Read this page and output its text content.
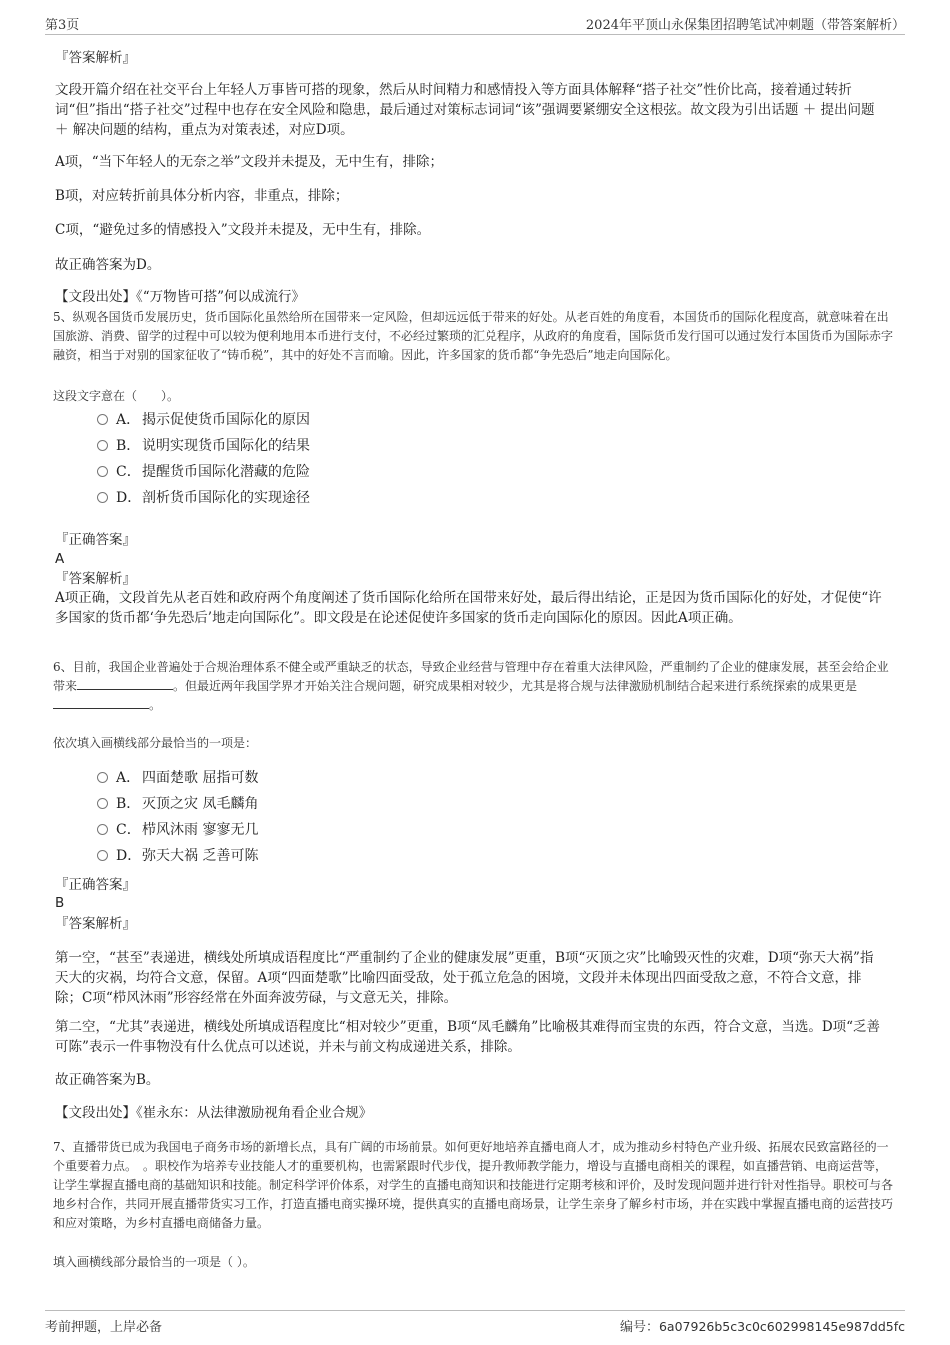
第3页	2024年平顶山永保集团招聘笔试冲刺题（带答案解析）
『答案解析』
文段开篇介绍在社交平台上年轻人万事皆可搭的现象，然后从时间精力和感情投入等方面具体解释“搭子社交”性价比高，接着通过转折词“但”指出“搭子社交”过程中也存在安全风险和隐患，最后通过对策标志词词“该”强调要紧绷安全这根弦。故文段为引出话题 ＋ 提出问题 ＋ 解决问题的结构，重点为对策表述，对应D项。
A项，“当下年轻人的无奈之举”文段并未提及，无中生有，排除；
B项，对应转折前具体分析内容，非重点，排除；
C项，“避免过多的情感投入”文段并未提及，无中生有，排除。
故正确答案为D。
【文段出处】《“万物皆可搭”何以成流行》
5、纵观各国货币发展历史，货币国际化虽然给所在国带来一定风险，但却远远低于带来的好处。从老百姓的角度看，本国货币的国际化程度高，就意味着在出国旅游、消费、留学的过程中可以较为便利地用本币进行支付，不必经过繁琐的汇兑程序，从政府的角度看，国际货币发行国可以通过发行本国货币为国际赤字融资，相当于对别的国家征收了“铸币税”，其中的好处不言而喻。因此，许多国家的货币都“争先恐后”地走向国际化。
这段文字意在（　　）。
A． 揭示促使货币国际化的原因
B． 说明实现货币国际化的结果
C．提醒货币国际化潜藏的危险
D．剖析货币国际化的实现途径
『正确答案』
A
『答案解析』
A项正确，文段首先从老百姓和政府两个角度阐述了货币国际化给所在国带来好处，最后得出结论，正是因为货币国际化的好处，才促使“许多国家的货币都‘争先恐后’地走向国际化”。即文段是在论述促使许多国家的货币走向国际化的原因。因此A项正确。
6、目前，我国企业普遍处于合规治理体系不健全或严重缺乏的状态，导致企业经营与管理中存在着重大法律风险，严重制约了企业的健康发展，甚至会给企业带来	。但最近两年我国学界才开始关注合规问题，研究成果相对较少，尤其是将合规与法律激励机制结合起来进行系统探索的成果更是。
依次填入画横线部分最恰当的一项是：
A． 四面楚歌 屈指可数
B． 灭顶之灾 凤毛麟角
C．栉风沐雨 寥寥无几
D．弥天大祸 乏善可陈
『正确答案』
B
『答案解析』
第一空，“甚至”表递进，横线处所填成语程度比“严重制约了企业的健康发展”更重，B项“灭顶之灾”比喻毁灭性的灾难，D项“弥天大祸”指天大的灾祸，均符合文意，保留。A项“四面楚歌”比喻四面受敌，处于孤立危急的困境，文段并未体现出四面受敌之意，不符合文意，排除；C项“栉风沐雨”形容经常在外面奔波劳碌，与文意无关，排除。
第二空，“尤其”表递进，横线处所填成语程度比“相对较少”更重，B项“凤毛麟角”比喻极其难得而宝贵的东西，符合文意，当选。D项“乏善可陈”表示一件事物没有什么优点可以述说，并未与前文构成递进关系，排除。
故正确答案为B。
【文段出处】《崔永东：从法律激励视角看企业合规》
7、直播带货已成为我国电子商务市场的新增长点，具有广阔的市场前景。如何更好地培养直播电商人才，成为推动乡村特色产业升级、拓展农民致富路径的一个重要着力点。　。职校作为培养专业技能人才的重要机构，也需紧跟时代步伐，提升教师教学能力，增设与直播电商相关的课程，如直播营销、电商运营等，让学生掌握直播电商的基础知识和技能。制定科学评价体系，对学生的直播电商知识和技能进行定期考核和评价，及时发现问题并进行针对性指导。职校可与各地乡村合作，共同开展直播带货实习工作，打造直播电商实操环境，提供真实的直播电商场景，让学生亲身了解乡村市场，并在实践中掌握直播电商的运营技巧和应对策略，为乡村直播电商储备力量。
填入画横线部分最恰当的一项是（ ）。
考前押题，上岸必备	编号：6a07926b5c3c0c602998145e987dd5fc
